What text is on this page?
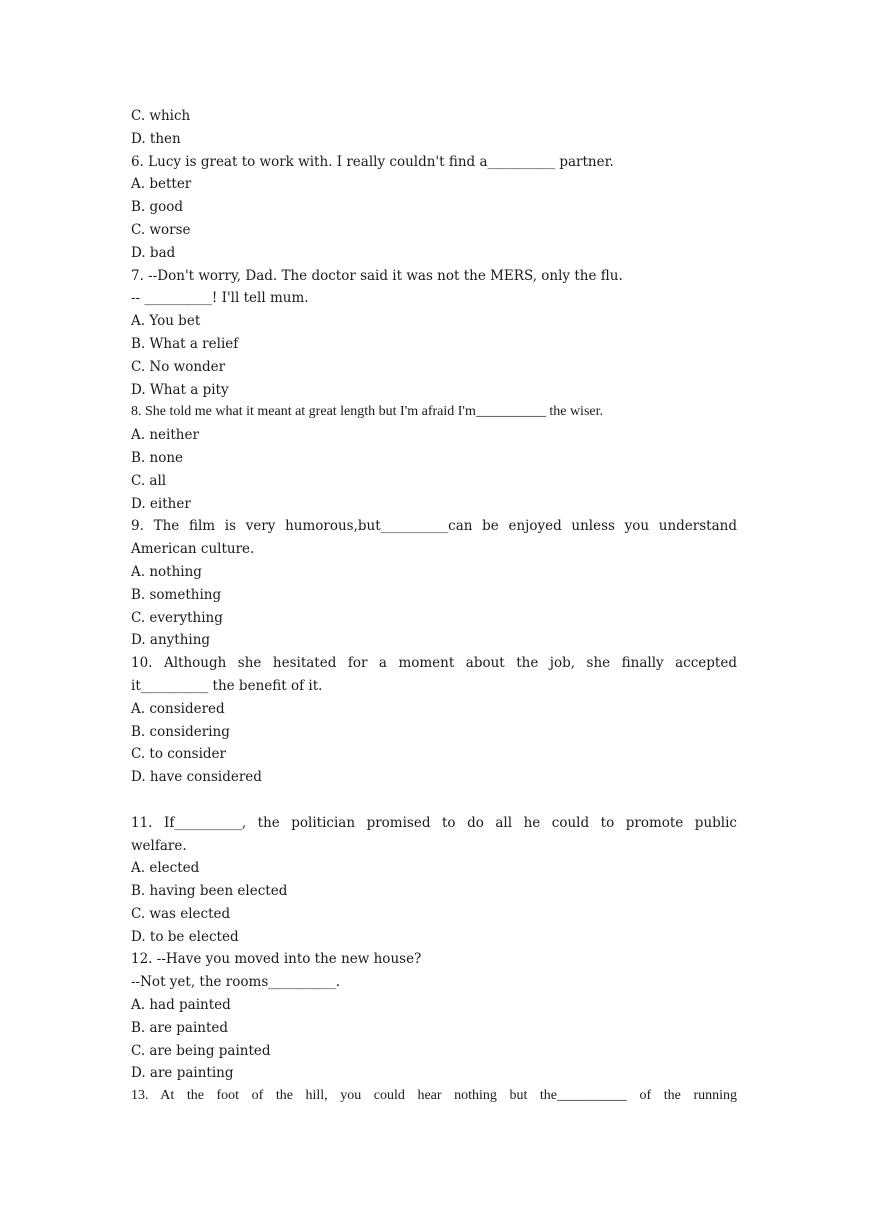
C. which
D. then
6. Lucy is great to work with. I really couldn't find a__________ partner.
A. better
B. good
C. worse
D. bad
7. --Don't worry, Dad. The doctor said it was not the MERS, only the flu.
-- __________! I'll tell mum.
A. You bet
B. What a relief
C. No wonder
D. What a pity
8. She told me what it meant at great length but I'm afraid I'm__________ the wiser.
A. neither
B. none
C. all
D. either
9. The film is very humorous,but__________can be enjoyed unless you understand
American culture.
A. nothing
B. something
C. everything
D. anything
10. Although she hesitated for a moment about the job, she finally accepted
it__________ the benefit of it.
A. considered
B. considering
C. to consider
D. have considered
11. If__________, the politician promised to do all he could to promote public
welfare.
A. elected
B. having been elected
C. was elected
D. to be elected
12. --Have you moved into the new house?
--Not yet, the rooms__________.
A. had painted
B. are painted
C. are being painted
D. are painting
13. At the foot of the hill, you could hear nothing but the__________ of the running
